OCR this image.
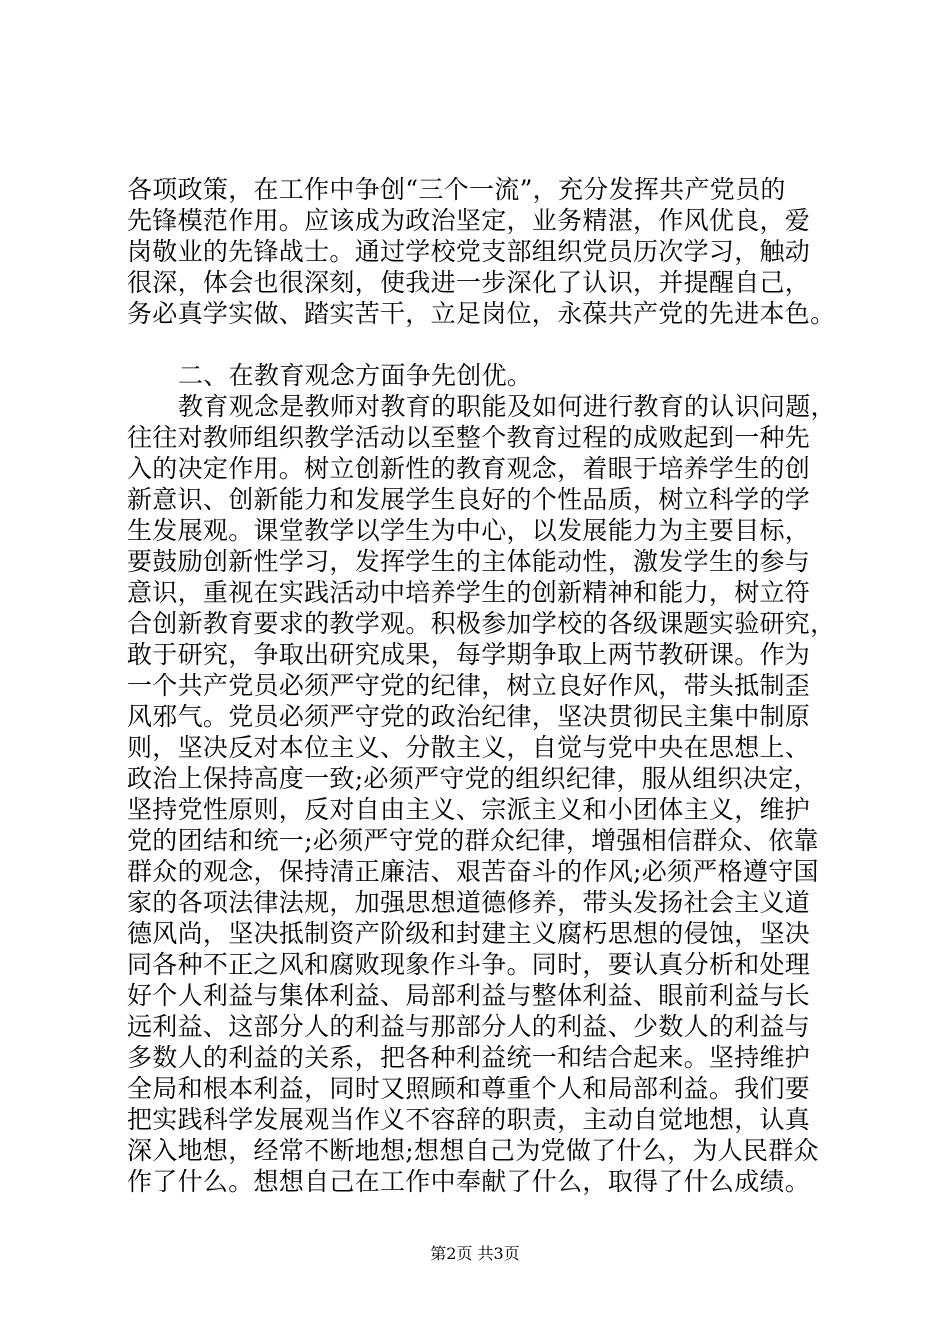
各项政策，在工作中争创“三个一流”，充分发挥共产党员的
先锋模范作用。应该成为政治坚定，业务精湛，作风优良，爱
岗敬业的先锋战士。通过学校党支部组织党员历次学习，触动
很深，体会也很深刻，使我进一步深化了认识，并提醒自己，
务必真学实做、踏实苦干，立足岗位，永葆共产党的先进本色。
二、在教育观念方面争先创优。
教育观念是教师对教育的职能及如何进行教育的认识问题，
往往对教师组织教学活动以至整个教育过程的成败起到一种先
入的决定作用。树立创新性的教育观念，着眼于培养学生的创
新意识、创新能力和发展学生良好的个性品质，树立科学的学
生发展观。课堂教学以学生为中心，以发展能力为主要目标，
要鼓励创新性学习，发挥学生的主体能动性，激发学生的参与
意识，重视在实践活动中培养学生的创新精神和能力，树立符
合创新教育要求的教学观。积极参加学校的各级课题实验研究，
敢于研究，争取出研究成果，每学期争取上两节教研课。作为
一个共产党员必须严守党的纪律，树立良好作风，带头抵制歪
风邪气。党员必须严守党的政治纪律，坚决贯彻民主集中制原
则，坚决反对本位主义、分散主义，自觉与党中央在思想上、
政治上保持高度一致;必须严守党的组织纪律，服从组织决定，
坚持党性原则，反对自由主义、宗派主义和小团体主义，维护
党的团结和统一;必须严守党的群众纪律，增强相信群众、依靠
群众的观念，保持清正廉洁、艰苦奋斗的作风;必须严格遵守国
家的各项法律法规，加强思想道德修养，带头发扬社会主义道
德风尚，坚决抵制资产阶级和封建主义腐朽思想的侵蚀，坚决
同各种不正之风和腐败现象作斗争。同时，要认真分析和处理
好个人利益与集体利益、局部利益与整体利益、眼前利益与长
远利益、这部分人的利益与那部分人的利益、少数人的利益与
多数人的利益的关系，把各种利益统一和结合起来。坚持维护
全局和根本利益，同时又照顾和尊重个人和局部利益。我们要
把实践科学发展观当作义不容辞的职责，主动自觉地想，认真
深入地想，经常不断地想;想想自己为党做了什么，为人民群众
作了什么。想想自己在工作中奉献了什么，取得了什么成绩。
第2页 共3页
